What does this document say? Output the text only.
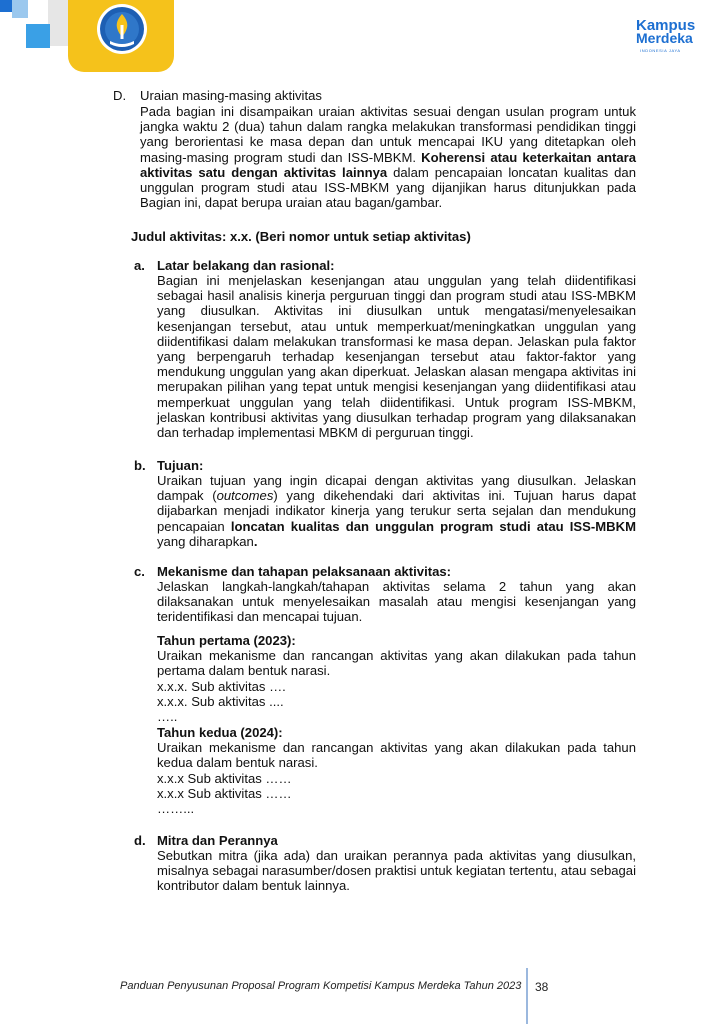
Kampus
Merdeka
INDONESIA JAYA
D. Uraian masing-masing aktivitas

Pada bagian ini disampaikan uraian aktivitas sesuai dengan usulan program untuk jangka waktu 2 (dua) tahun dalam rangka melakukan transformasi pendidikan tinggi yang berorientasi ke masa depan dan untuk mencapai IKU yang ditetapkan oleh masing-masing program studi dan ISS-MBKM. Koherensi atau keterkaitan antara aktivitas satu dengan aktivitas lainnya dalam pencapaian loncatan kualitas dan unggulan program studi atau ISS-MBKM yang dijanjikan harus ditunjukkan pada Bagian ini, dapat berupa uraian atau bagan/gambar.

Judul aktivitas: x.x. (Beri nomor untuk setiap aktivitas)
a. Latar belakang dan rasional:

Bagian ini menjelaskan kesenjangan atau unggulan yang telah diidentifikasi sebagai hasil analisis kinerja perguruan tinggi dan program studi atau ISS-MBKM yang diusulkan. Aktivitas ini diusulkan untuk mengatasi/menyelesaikan kesenjangan tersebut, atau untuk memperkuat/meningkatkan unggulan yang diidentifikasi dalam melakukan transformasi ke masa depan. Jelaskan pula faktor yang berpengaruh terhadap kesenjangan tersebut atau faktor-faktor yang mendukung unggulan yang akan diperkuat. Jelaskan alasan mengapa aktivitas ini merupakan pilihan yang tepat untuk mengisi kesenjangan yang diidentifikasi atau memperkuat unggulan yang telah diidentifikasi. Untuk program ISS-MBKM, jelaskan kontribusi aktivitas yang diusulkan terhadap program yang dilaksanakan dan terhadap implementasi MBKM di perguruan tinggi.

b. Tujuan:

Uraikan tujuan yang ingin dicapai dengan aktivitas yang diusulkan. Jelaskan dampak (outcomes) yang dikehendaki dari aktivitas ini. Tujuan harus dapat dijabarkan menjadi indikator kinerja yang terukur serta sejalan dan mendukung pencapaian loncatan kualitas dan unggulan program studi atau ISS-MBKM yang diharapkan.

c. Mekanisme dan tahapan pelaksanaan aktivitas:

Jelaskan langkah-langkah/tahapan aktivitas selama 2 tahun yang akan dilaksanakan untuk menyelesaikan masalah atau mengisi kesenjangan yang teridentifikasi dan mencapai tujuan.

Tahun pertama (2023):

Uraikan mekanisme dan rancangan aktivitas yang akan dilakukan pada tahun pertama dalam bentuk narasi.

x.x.x. Sub aktivitas ….
x.x.x. Sub aktivitas ....
…..
Tahun kedua (2024):

Uraikan mekanisme dan rancangan aktivitas yang akan dilakukan pada tahun kedua dalam bentuk narasi.

x.x.x Sub aktivitas ……
x.x.x Sub aktivitas ……
……...
d. Mitra dan Perannya

Sebutkan mitra (jika ada) dan uraikan perannya pada aktivitas yang diusulkan, misalnya sebagai narasumber/dosen praktisi untuk kegiatan tertentu, atau sebagai kontributor dalam bentuk lainnya.

Panduan Penyusunan Proposal Program Kompetisi Kampus Merdeka Tahun 2023 38
